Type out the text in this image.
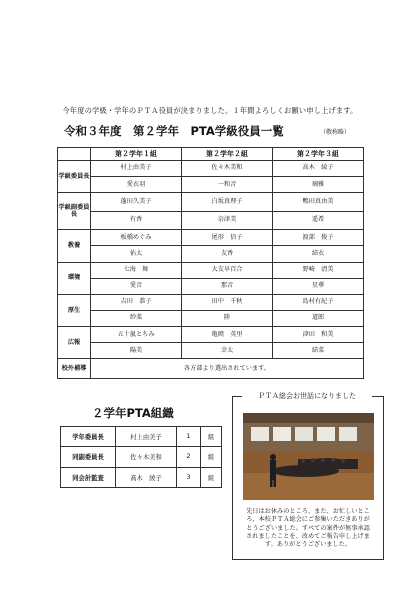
今年度の学級・学年のＰＴＡ役員が決まりました。１年間よろしくお願い申し上げます。
令和３年度　第２学年　PTA学級役員一覧	（敬称略）
	第２学年１組	第２学年２組	第２学年３組
学級委員長	村上由美子	佐々木美和	高木　綾子
	愛衣羽	一和音	璃雅
学級副委員長	蓬田久美子	白坂真理子	鴨田真由美
	有香	奈津美	遥希
教養	板橋めぐみ	尾形　信子	渡部　俊子
	佑太	友香	結衣
環境	七海　舞	大友早百合	野崎　清美
	愛音	那音	星華
厚生	吉田　恭子	田中　千秋	島村有紀子
	紗菜	陸	道郎
広報	五十嵐とちみ	亀岡　英里	津田　和美
	陽美	幸太	結菜
校外補導	各方部より選出されています。		
２学年PTA組織
学年委員長	村上由美子	1	組
同副委員長	佐々木美和	2	組
同会計監査	髙木　綾子	3	組
ＰＴＡ総会お世話になりました
先日はお休みのところ、また、お忙しいところ、本校ＰＴＡ総会にご参集いただきありがとうございました。すべての案件が無事承認されましたことを、改めてご報告申し上げます。ありがとうございました。
